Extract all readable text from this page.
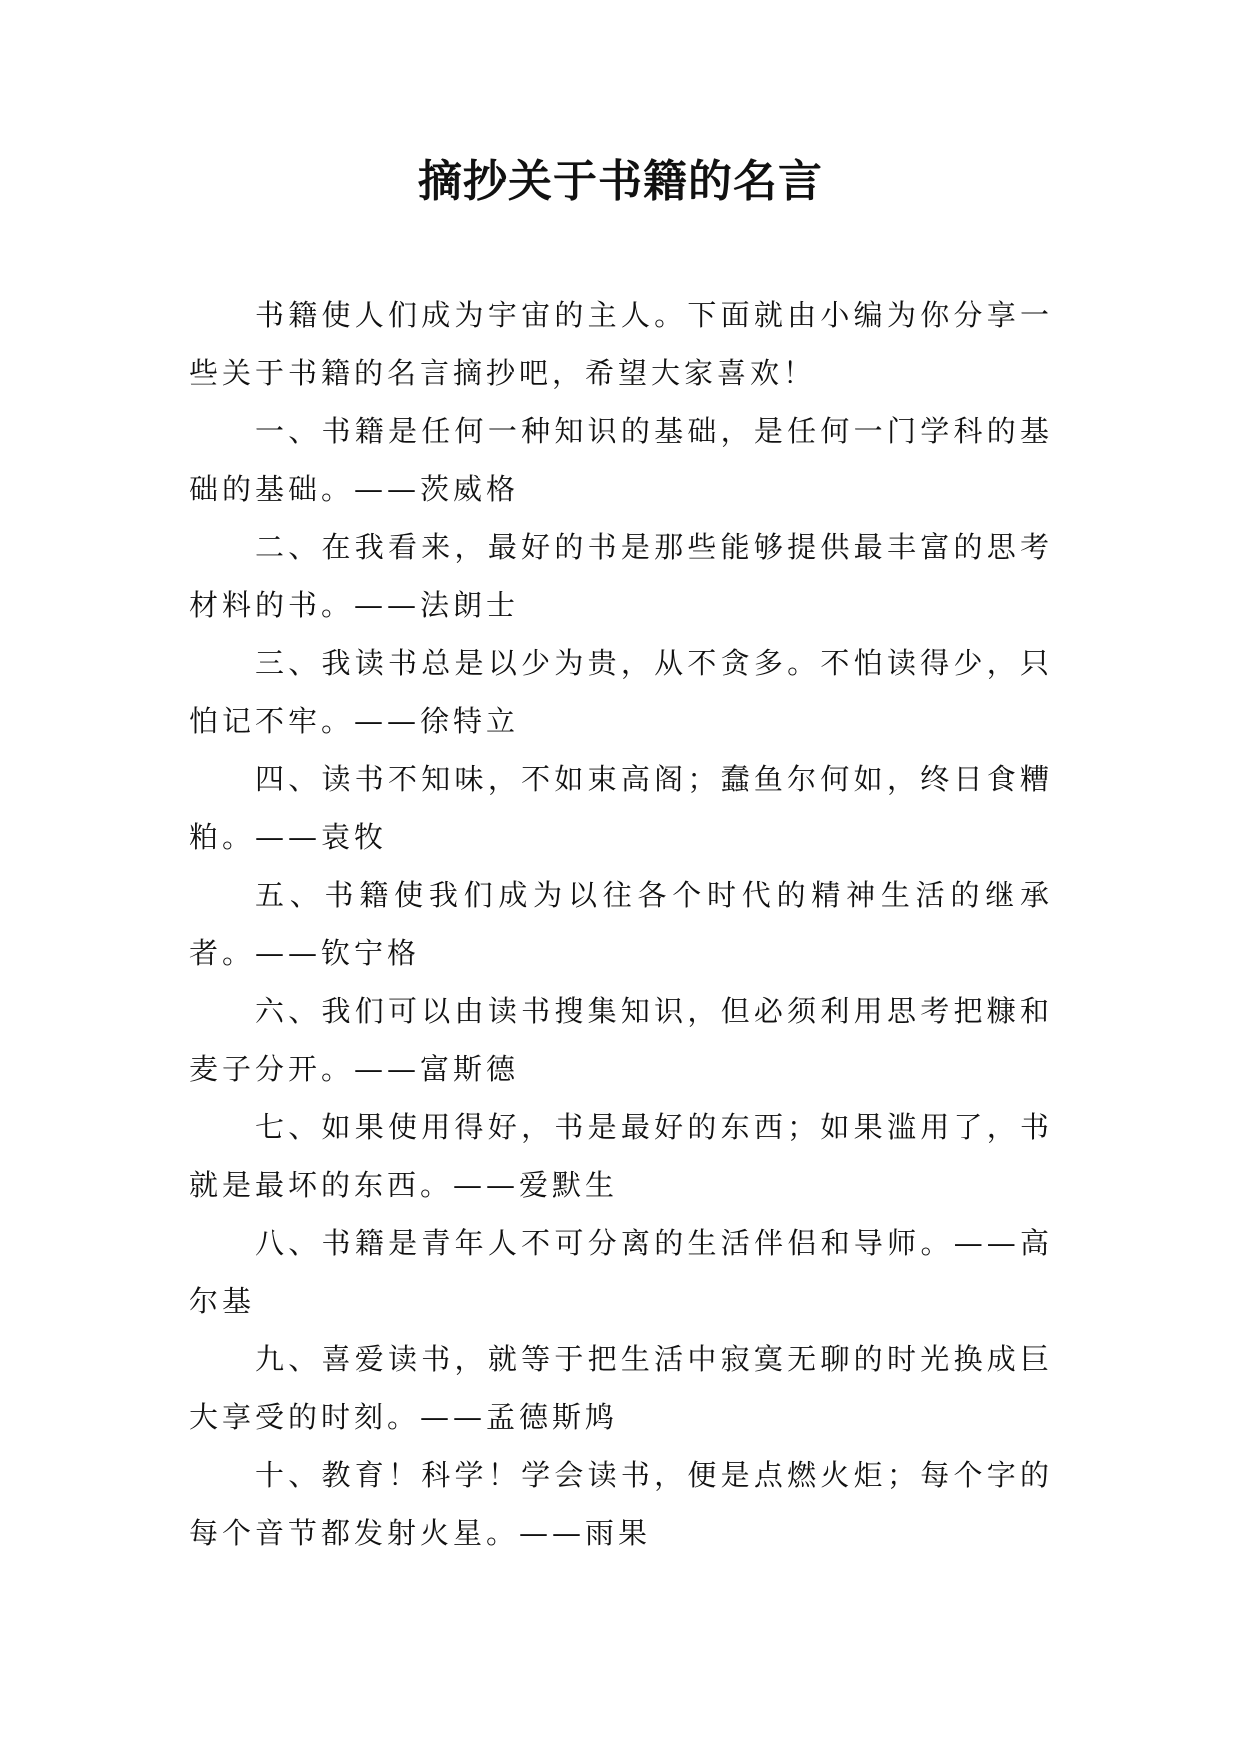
摘抄关于书籍的名言

书籍使人们成为宇宙的主人。下面就由小编为你分享一些关于书籍的名言摘抄吧，希望大家喜欢！

一、书籍是任何一种知识的基础，是任何一门学科的基础的基础。——茨威格

二、在我看来，最好的书是那些能够提供最丰富的思考材料的书。——法朗士

三、我读书总是以少为贵，从不贪多。不怕读得少，只怕记不牢。——徐特立

四、读书不知味，不如束高阁；蠢鱼尔何如，终日食糟粕。——袁牧

五、书籍使我们成为以往各个时代的精神生活的继承者。——钦宁格

六、我们可以由读书搜集知识，但必须利用思考把糠和麦子分开。——富斯德

七、如果使用得好，书是最好的东西；如果滥用了，书就是最坏的东西。——爱默生

八、书籍是青年人不可分离的生活伴侣和导师。——高尔基

九、喜爱读书，就等于把生活中寂寞无聊的时光换成巨大享受的时刻。——孟德斯鸠

十、教育！科学！学会读书，便是点燃火炬；每个字的每个音节都发射火星。——雨果
